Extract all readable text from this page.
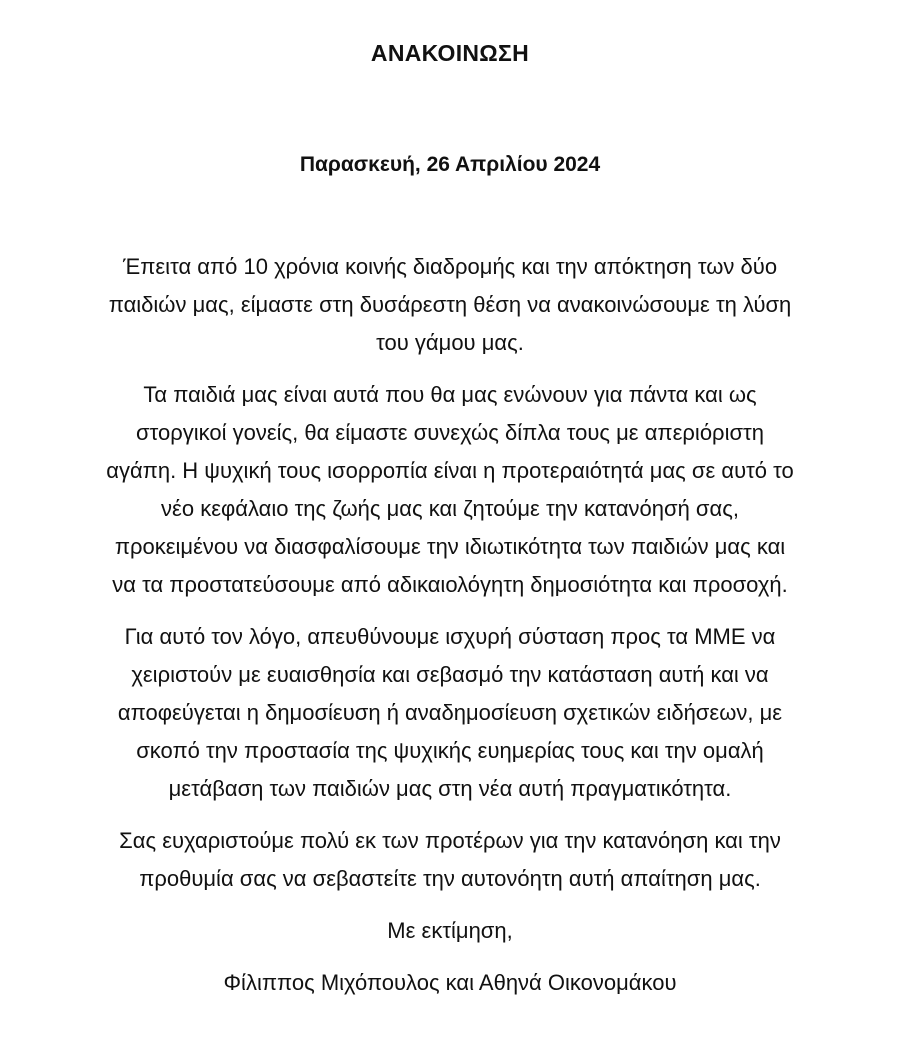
ΑΝΑΚΟΙΝΩΣΗ
Παρασκευή, 26 Απριλίου 2024

Έπειτα από 10 χρόνια κοινής διαδρομής και την απόκτηση των δύο
παιδιών μας, είμαστε στη δυσάρεστη θέση να ανακοινώσουμε τη λύση
του γάμου μας.

Τα παιδιά μας είναι αυτά που θα μας ενώνουν για πάντα και ως
στοργικοί γονείς, θα είμαστε συνεχώς δίπλα τους με απεριόριστη
αγάπη. Η ψυχική τους ισορροπία είναι η προτεραιότητά μας σε αυτό το
νέο κεφάλαιο της ζωής μας και ζητούμε την κατανόησή σας,
προκειμένου να διασφαλίσουμε την ιδιωτικότητα των παιδιών μας και
να τα προστατεύσουμε από αδικαιολόγητη δημοσιότητα και προσοχή.

Για αυτό τον λόγο, απευθύνουμε ισχυρή σύσταση προς τα ΜΜΕ να
χειριστούν με ευαισθησία και σεβασμό την κατάσταση αυτή και να
αποφεύγεται η δημοσίευση ή αναδημοσίευση σχετικών ειδήσεων, με
σκοπό την προστασία της ψυχικής ευημερίας τους και την ομαλή
μετάβαση των παιδιών μας στη νέα αυτή πραγματικότητα.

Σας ευχαριστούμε πολύ εκ των προτέρων για την κατανόηση και την
προθυμία σας να σεβαστείτε την αυτονόητη αυτή απαίτηση μας.

Με εκτίμηση,

Φίλιππος Μιχόπουλος και Αθηνά Οικονομάκου
